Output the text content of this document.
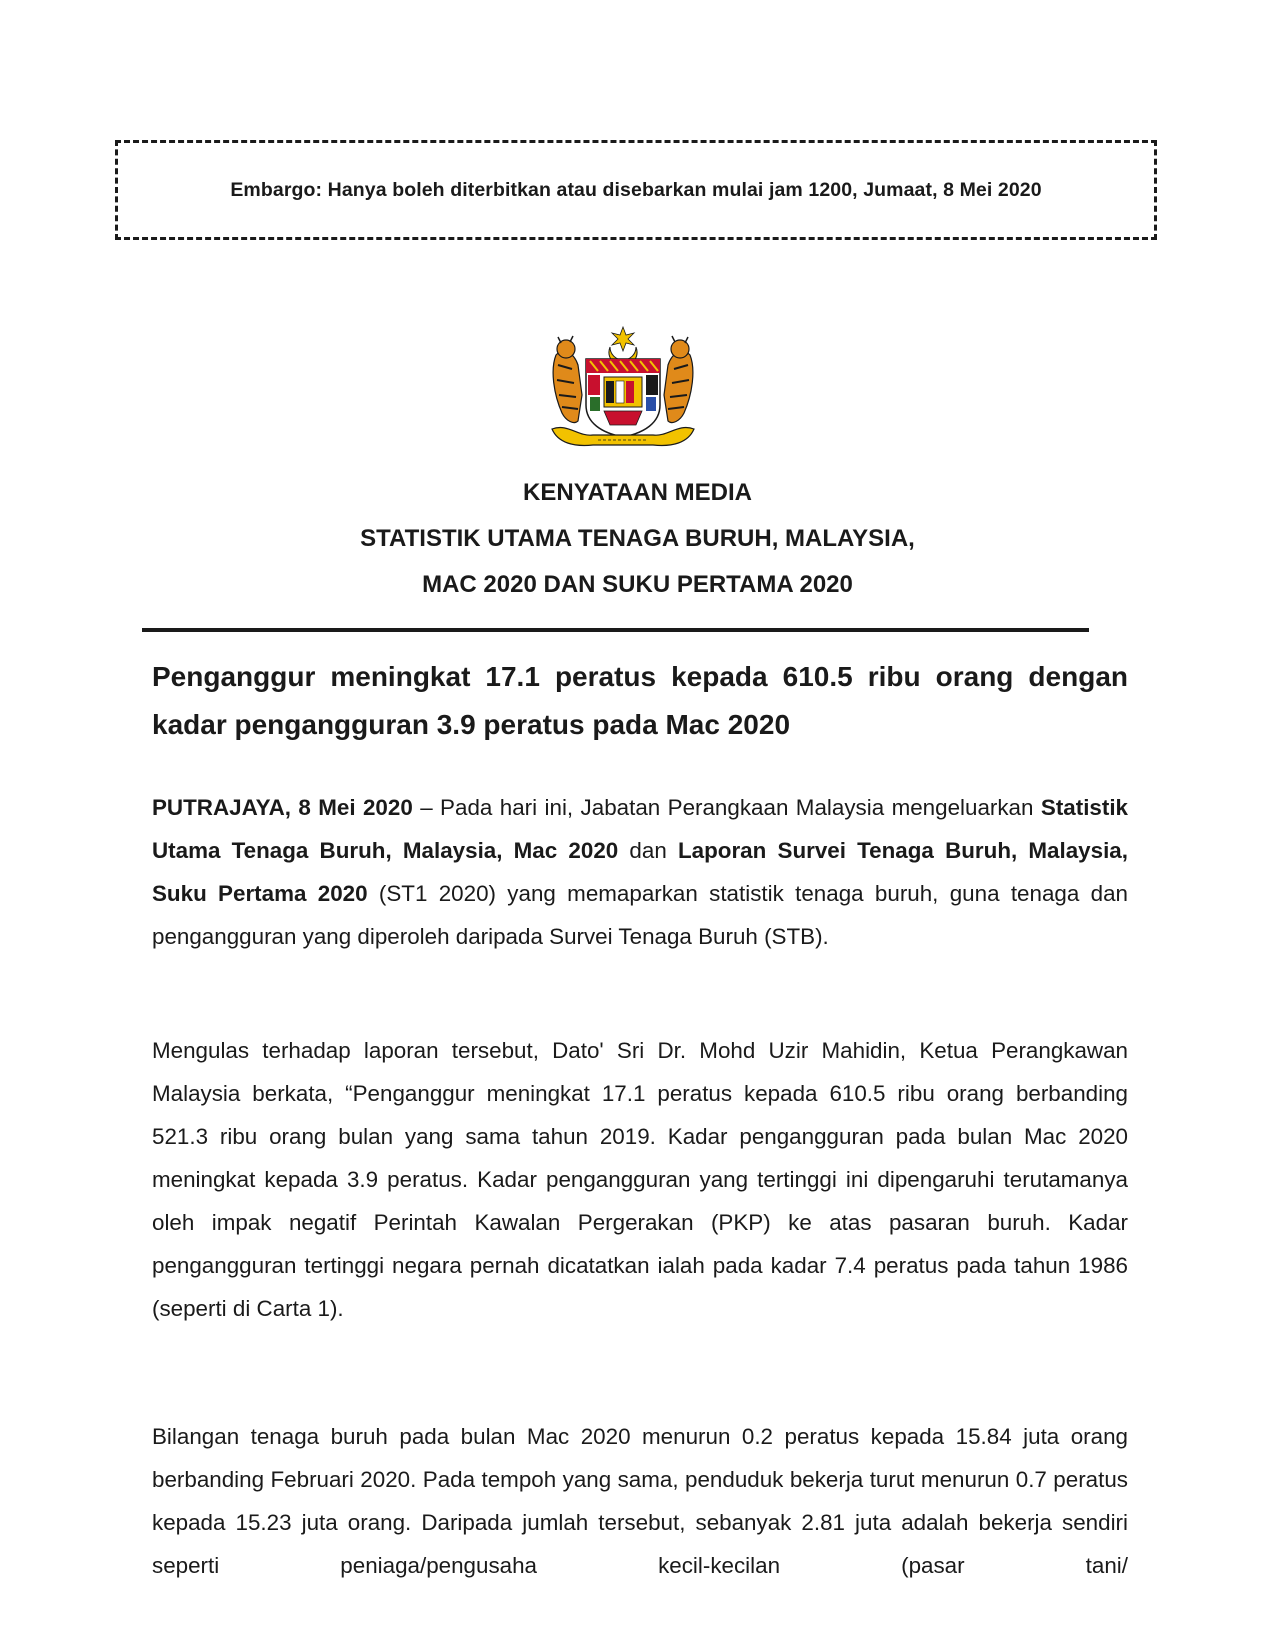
Embargo: Hanya boleh diterbitkan atau disebarkan mulai jam 1200, Jumaat, 8 Mei 2020
KENYATAAN MEDIA
STATISTIK UTAMA TENAGA BURUH, MALAYSIA,
MAC 2020 DAN SUKU PERTAMA 2020
Penganggur meningkat 17.1 peratus kepada 610.5 ribu orang dengan kadar pengangguran 3.9 peratus pada Mac 2020

PUTRAJAYA, 8 Mei 2020 – Pada hari ini, Jabatan Perangkaan Malaysia mengeluarkan Statistik Utama Tenaga Buruh, Malaysia, Mac 2020 dan Laporan Survei Tenaga Buruh, Malaysia, Suku Pertama 2020 (ST1 2020) yang memaparkan statistik tenaga buruh, guna tenaga dan pengangguran yang diperoleh daripada Survei Tenaga Buruh (STB).

Mengulas terhadap laporan tersebut, Dato' Sri Dr. Mohd Uzir Mahidin, Ketua Perangkawan Malaysia berkata, “Penganggur meningkat 17.1 peratus kepada 610.5 ribu orang berbanding 521.3 ribu orang bulan yang sama tahun 2019. Kadar pengangguran pada bulan Mac 2020 meningkat kepada 3.9 peratus. Kadar pengangguran yang tertinggi ini dipengaruhi terutamanya oleh impak negatif Perintah Kawalan Pergerakan (PKP) ke atas pasaran buruh. Kadar pengangguran tertinggi negara pernah dicatatkan ialah pada kadar 7.4 peratus pada tahun 1986 (seperti di Carta 1).

Bilangan tenaga buruh pada bulan Mac 2020 menurun 0.2 peratus kepada 15.84 juta orang berbanding Februari 2020. Pada tempoh yang sama, penduduk bekerja turut menurun 0.7 peratus kepada 15.23 juta orang. Daripada jumlah tersebut, sebanyak 2.81 juta adalah bekerja sendiri seperti peniaga/pengusaha kecil-kecilan (pasar tani/
